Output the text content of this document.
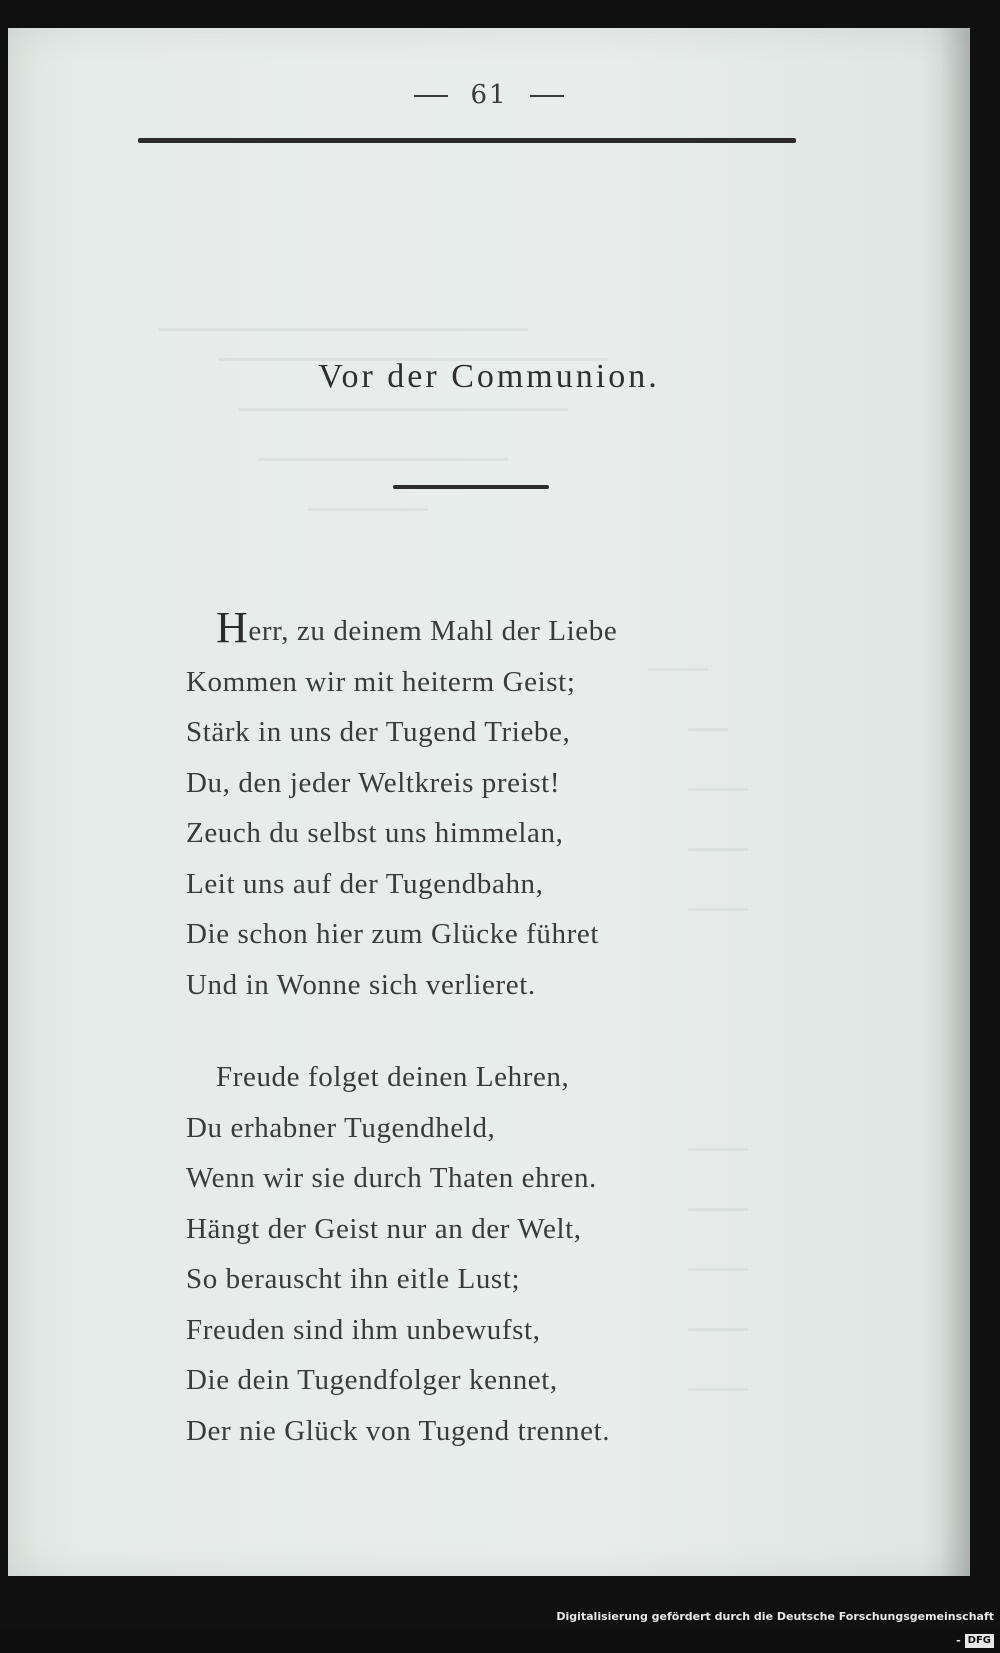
61
Vor der Communion.
Herr, zu deinem Mahl der Liebe
Kommen wir mit heiterm Geist;
Stärk in uns der Tugend Triebe,
Du, den jeder Weltkreis preist!
Zeuch du selbst uns himmelan,
Leit uns auf der Tugendbahn,
Die schon hier zum Glücke führet
Und in Wonne sich verlieret.
Freude folget deinen Lehren,
Du erhabner Tugendheld,
Wenn wir sie durch Thaten ehren.
Hängt der Geist nur an der Welt,
So berauscht ihn eitle Lust;
Freuden sind ihm unbewufst,
Die dein Tugendfolger kennet,
Der nie Glück von Tugend trennet.
Digitalisierung gefördert durch die Deutsche Forschungsgemeinschaft - DFG
